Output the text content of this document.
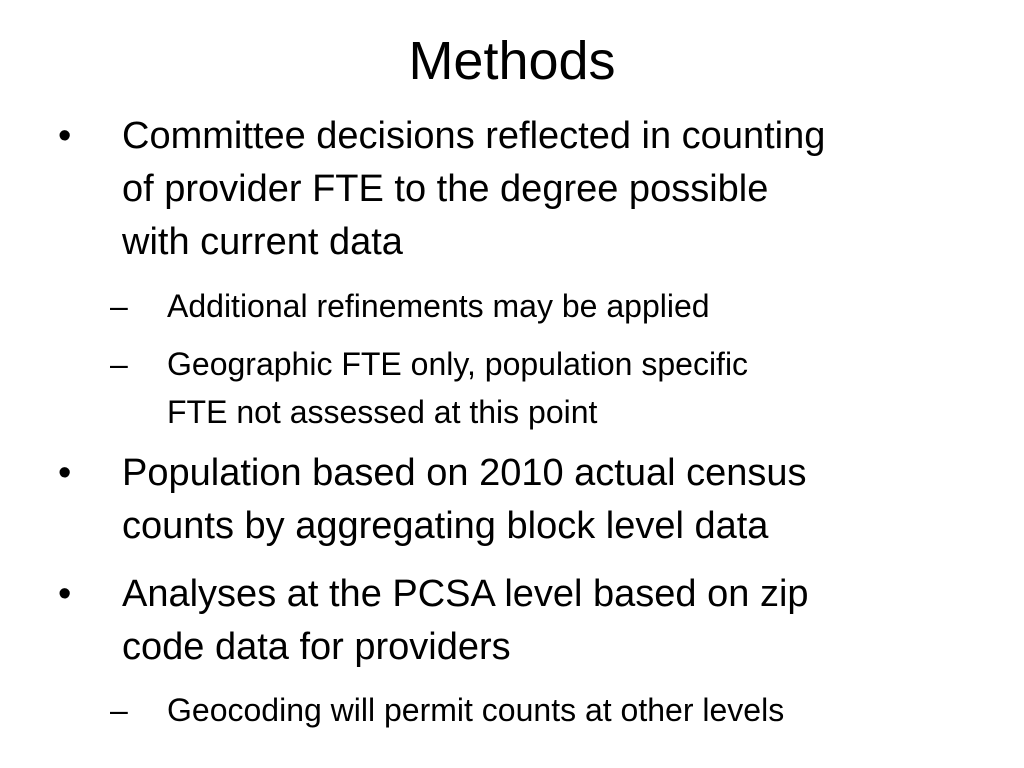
Methods
• Committee decisions reflected in counting
of provider FTE to the degree possible
with current data
– Additional refinements may be applied
– Geographic FTE only, population specific
FTE not assessed at this point
• Population based on 2010 actual census
counts by aggregating block level data
• Analyses at the PCSA level based on zip
code data for providers
– Geocoding will permit counts at other levels
